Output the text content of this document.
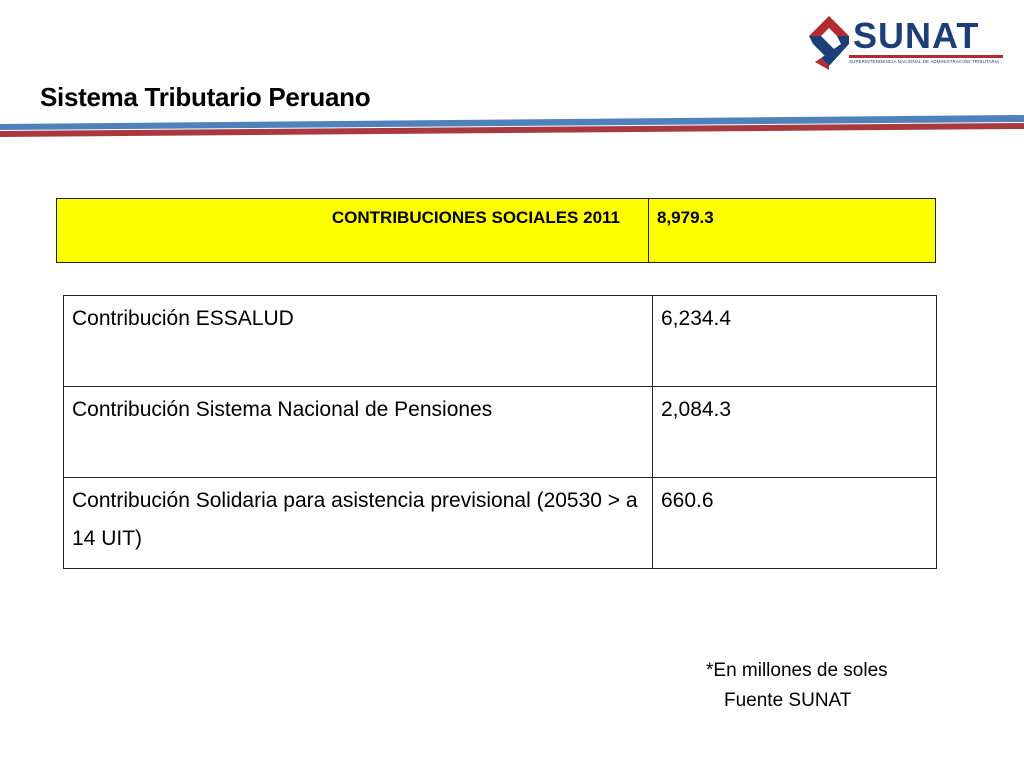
SUNAT
SUPERINTENDENCIA NACIONAL DE ADMINISTRACIÓN TRIBUTARIA
Sistema Tributario Peruano
CONTRIBUCIONES SOCIALES 2011	8,979.3
Contribución ESSALUD	6,234.4
Contribución Sistema Nacional de Pensiones	2,084.3
Contribución Solidaria para asistencia previsional (20530 > a 14 UIT)	660.6
*En millones de soles
Fuente SUNAT
